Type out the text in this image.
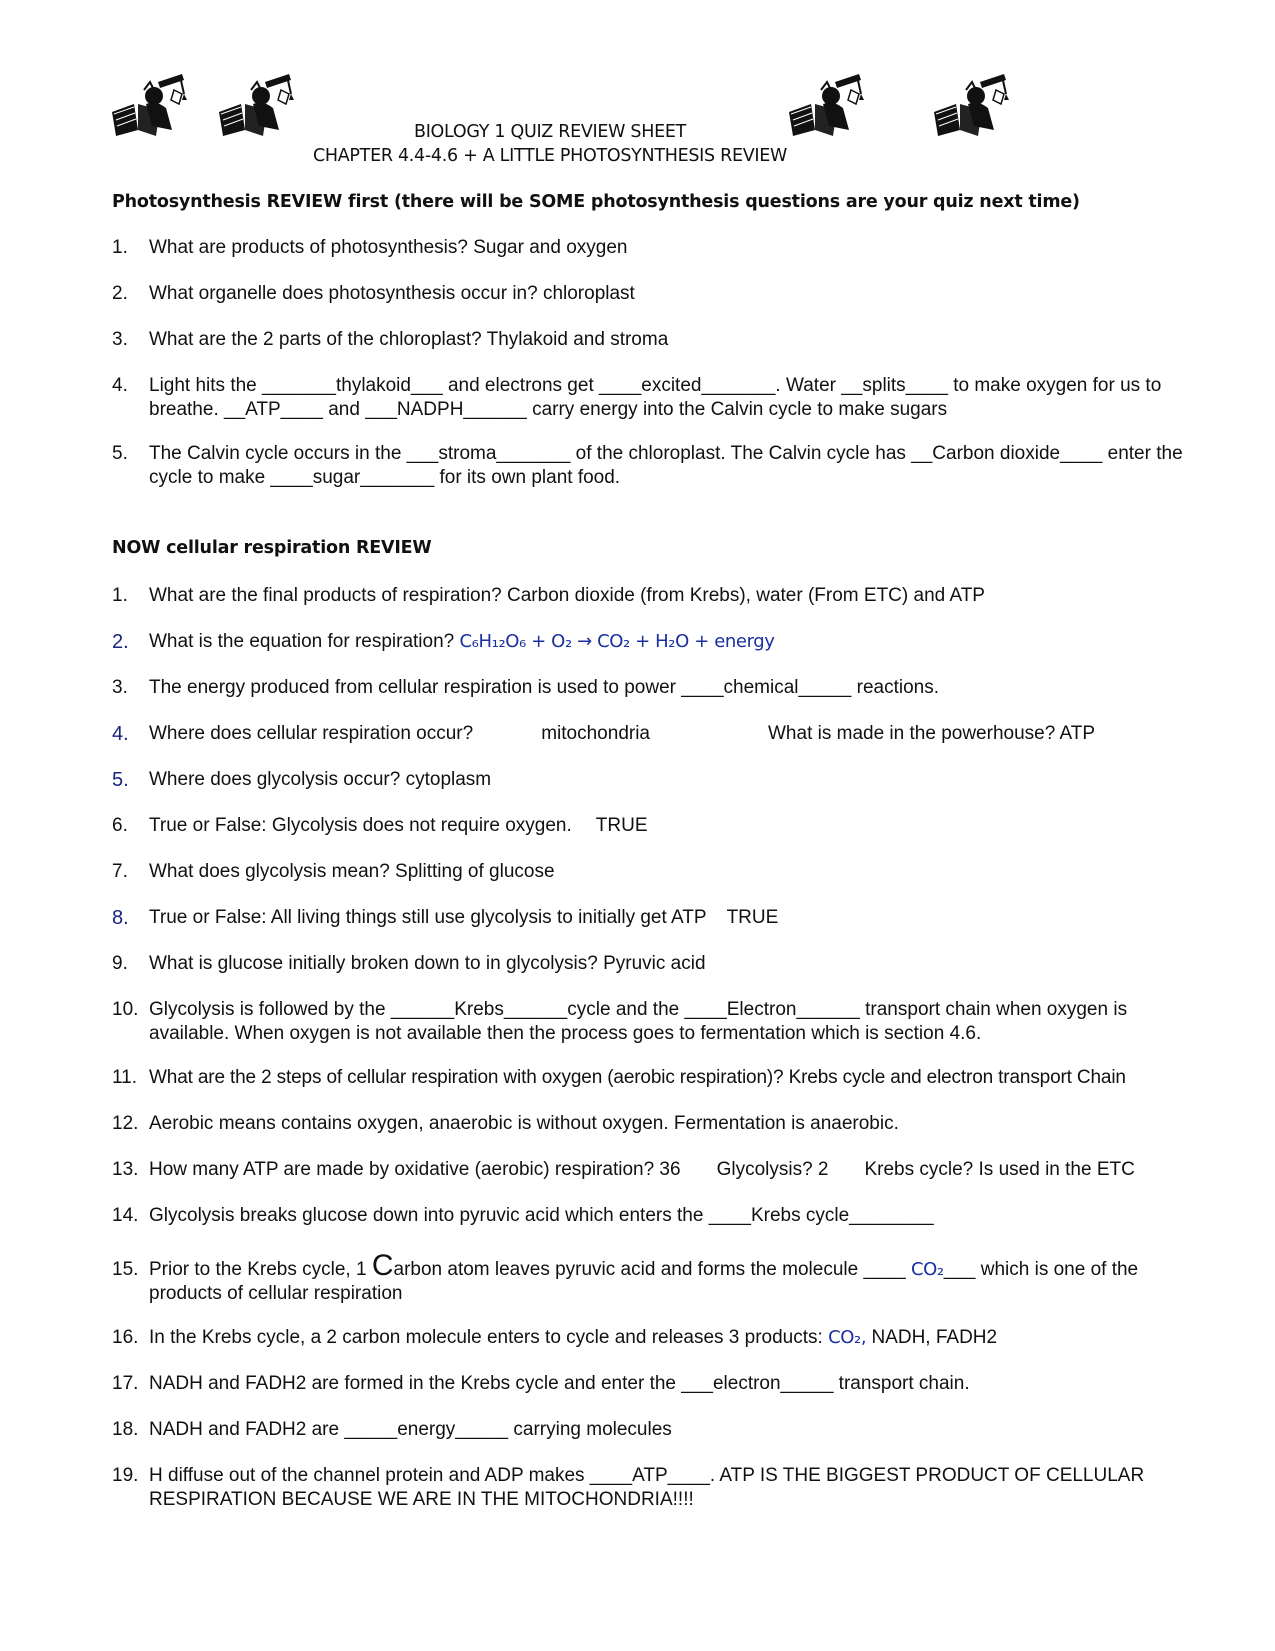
BIOLOGY 1 QUIZ REVIEW SHEET
CHAPTER 4.4-4.6 + A LITTLE PHOTOSYNTHESIS REVIEW
Photosynthesis REVIEW first (there will be SOME photosynthesis questions are your quiz next time)
1. What are products of photosynthesis? Sugar and oxygen
2. What organelle does photosynthesis occur in? chloroplast
3. What are the 2 parts of the chloroplast? Thylakoid and stroma
4. Light hits the _______thylakoid___ and electrons get ____excited_______. Water __splits____ to make oxygen for us to breathe. __ATP____ and ___NADPH______ carry energy into the Calvin cycle to make sugars
5. The Calvin cycle occurs in the ___stroma_______ of the chloroplast. The Calvin cycle has __Carbon dioxide____ enter the cycle to make ____sugar_______ for its own plant food.
NOW cellular respiration REVIEW
1. What are the final products of respiration? Carbon dioxide (from Krebs), water (From ETC) and ATP
2. What is the equation for respiration? C₆H₁₂O₆ + O₂ → CO₂ + H₂O + energy
3. The energy produced from cellular respiration is used to power ____chemical_____ reactions.
4. Where does cellular respiration occur?	mitochondria	What is made in the powerhouse? ATP
5. Where does glycolysis occur? cytoplasm
6. True or False: Glycolysis does not require oxygen. TRUE
7. What does glycolysis mean? Splitting of glucose
8. True or False: All living things still use glycolysis to initially get ATP TRUE
9. What is glucose initially broken down to in glycolysis? Pyruvic acid
10. Glycolysis is followed by the ______Krebs______cycle and the ____Electron______ transport chain when oxygen is available. When oxygen is not available then the process goes to fermentation which is section 4.6.
11. What are the 2 steps of cellular respiration with oxygen (aerobic respiration)? Krebs cycle and electron transport Chain
12. Aerobic means contains oxygen, anaerobic is without oxygen. Fermentation is anaerobic.
13. How many ATP are made by oxidative (aerobic) respiration? 36 Glycolysis? 2 Krebs cycle? Is used in the ETC
14. Glycolysis breaks glucose down into pyruvic acid which enters the ____Krebs cycle________
15. Prior to the Krebs cycle, 1 Carbon atom leaves pyruvic acid and forms the molecule ____ CO₂___ which is one of the products of cellular respiration
16. In the Krebs cycle, a 2 carbon molecule enters to cycle and releases 3 products: CO₂, NADH, FADH2
17. NADH and FADH2 are formed in the Krebs cycle and enter the ___electron_____ transport chain.
18. NADH and FADH2 are _____energy_____ carrying molecules
19. H diffuse out of the channel protein and ADP makes ____ATP____. ATP IS THE BIGGEST PRODUCT OF CELLULAR RESPIRATION BECAUSE WE ARE IN THE MITOCHONDRIA!!!!
